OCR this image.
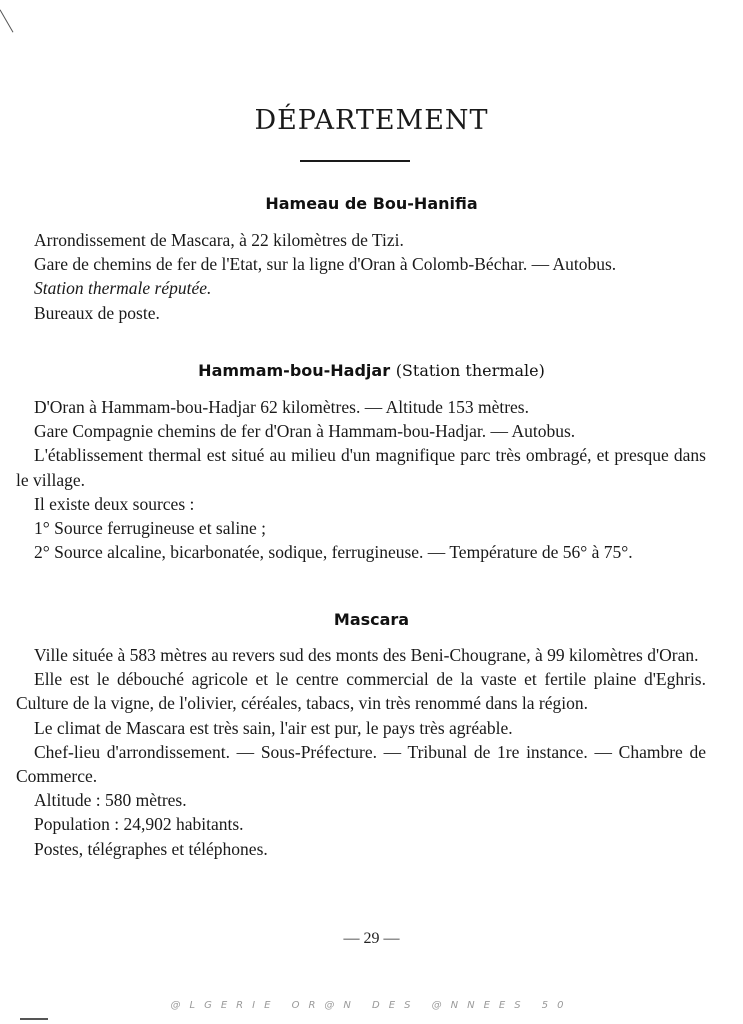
DÉPARTEMENT
Hameau de Bou-Hanifia

Arrondissement de Mascara, à 22 kilomètres de Tizi.

Gare de chemins de fer de l'Etat, sur la ligne d'Oran à Colomb-Béchar. — Autobus.

Station thermale réputée.

Bureaux de poste.

Hammam-bou-Hadjar (Station thermale)

D'Oran à Hammam-bou-Hadjar 62 kilomètres. — Altitude 153 mètres.

Gare Compagnie chemins de fer d'Oran à Hammam-bou-Hadjar. — Autobus.

L'établissement thermal est situé au milieu d'un magnifique parc très ombragé, et presque dans le village.

Il existe deux sources :

1° Source ferrugineuse et saline ;

2° Source alcaline, bicarbonatée, sodique, ferrugineuse. — Température de 56° à 75°.

Mascara

Ville située à 583 mètres au revers sud des monts des Beni-Chougrane, à 99 kilomètres d'Oran.

Elle est le débouché agricole et le centre commercial de la vaste et fertile plaine d'Eghris. Culture de la vigne, de l'olivier, céréales, tabacs, vin très renommé dans la région.

Le climat de Mascara est très sain, l'air est pur, le pays très agréable.

Chef-lieu d'arrondissement. — Sous-Préfecture. — Tribunal de 1re instance. — Chambre de Commerce.

Altitude : 580 mètres.

Population : 24,902 habitants.

Postes, télégraphes et téléphones.

— 29 —
@LGERIE OR@N DES @NNEES 50
